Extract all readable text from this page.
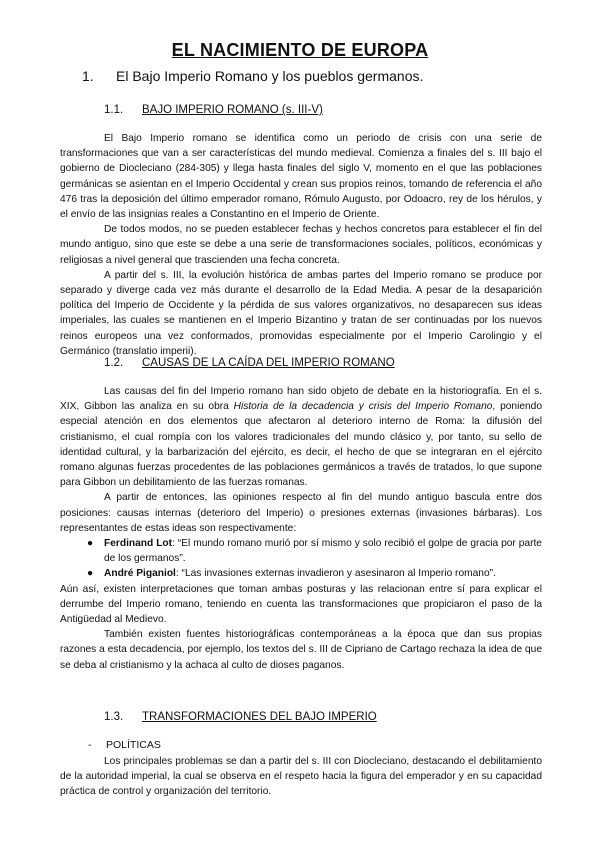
EL NACIMIENTO DE EUROPA
1. El Bajo Imperio Romano y los pueblos germanos.
1.1. BAJO IMPERIO ROMANO (s. III-V)

El Bajo Imperio romano se identifica como un periodo de crisis con una serie de transformaciones que van a ser características del mundo medieval. Comienza a finales del s. III bajo el gobierno de Diocleciano (284-305) y llega hasta finales del siglo V, momento en el que las poblaciones germánicas se asientan en el Imperio Occidental y crean sus propios reinos, tomando de referencia el año 476 tras la deposición del último emperador romano, Rómulo Augusto, por Odoacro, rey de los hérulos, y el envío de las insignias reales a Constantino en el Imperio de Oriente.

De todos modos, no se pueden establecer fechas y hechos concretos para establecer el fin del mundo antiguo, sino que este se debe a una serie de transformaciones sociales, políticos, económicas y religiosas a nivel general que trascienden una fecha concreta.

A partir del s. III, la evolución histórica de ambas partes del Imperio romano se produce por separado y diverge cada vez más durante el desarrollo de la Edad Media. A pesar de la desaparición política del Imperio de Occidente y la pérdida de sus valores organizativos, no desaparecen sus ideas imperiales, las cuales se mantienen en el Imperio Bizantino y tratan de ser continuadas por los nuevos reinos europeos una vez conformados, promovidas especialmente por el Imperio Carolingio y el Germánico (translatio imperii).

1.2. CAUSAS DE LA CAÍDA DEL IMPERIO ROMANO

Las causas del fin del Imperio romano han sido objeto de debate en la historiografía. En el s. XIX, Gibbon las analiza en su obra Historia de la decadencia y crisis del Imperio Romano, poniendo especial atención en dos elementos que afectaron al deterioro interno de Roma: la difusión del cristianismo, el cual rompía con los valores tradicionales del mundo clásico y, por tanto, su sello de identidad cultural, y la barbarización del ejército, es decir, el hecho de que se integraran en el ejército romano algunas fuerzas procedentes de las poblaciones germánicos a través de tratados, lo que supone para Gibbon un debilitamiento de las fuerzas romanas.

A partir de entonces, las opiniones respecto al fin del mundo antiguo bascula entre dos posiciones: causas internas (deterioro del Imperio) o presiones externas (invasiones bárbaras). Los representantes de estas ideas son respectivamente:

● Ferdinand Lot: “El mundo romano murió por sí mismo y solo recibió el golpe de gracia por parte de los germanos”.
● André Piganiol: “Las invasiones externas invadieron y asesinaron al Imperio romano”.

Aún así, existen interpretaciones que toman ambas posturas y las relacionan entre sí para explicar el derrumbe del Imperio romano, teniendo en cuenta las transformaciones que propiciaron el paso de la Antigüedad al Medievo.

También existen fuentes historiográficas contemporáneas a la época que dan sus propias razones a esta decadencia, por ejemplo, los textos del s. III de Cipriano de Cartago rechaza la idea de que se deba al cristianismo y la achaca al culto de dioses paganos.

1.3. TRANSFORMACIONES DEL BAJO IMPERIO
- POLÍTICAS

Los principales problemas se dan a partir del s. III con Diocleciano, destacando el debilitamiento de la autoridad imperial, la cual se observa en el respeto hacia la figura del emperador y en su capacidad práctica de control y organización del territorio.
